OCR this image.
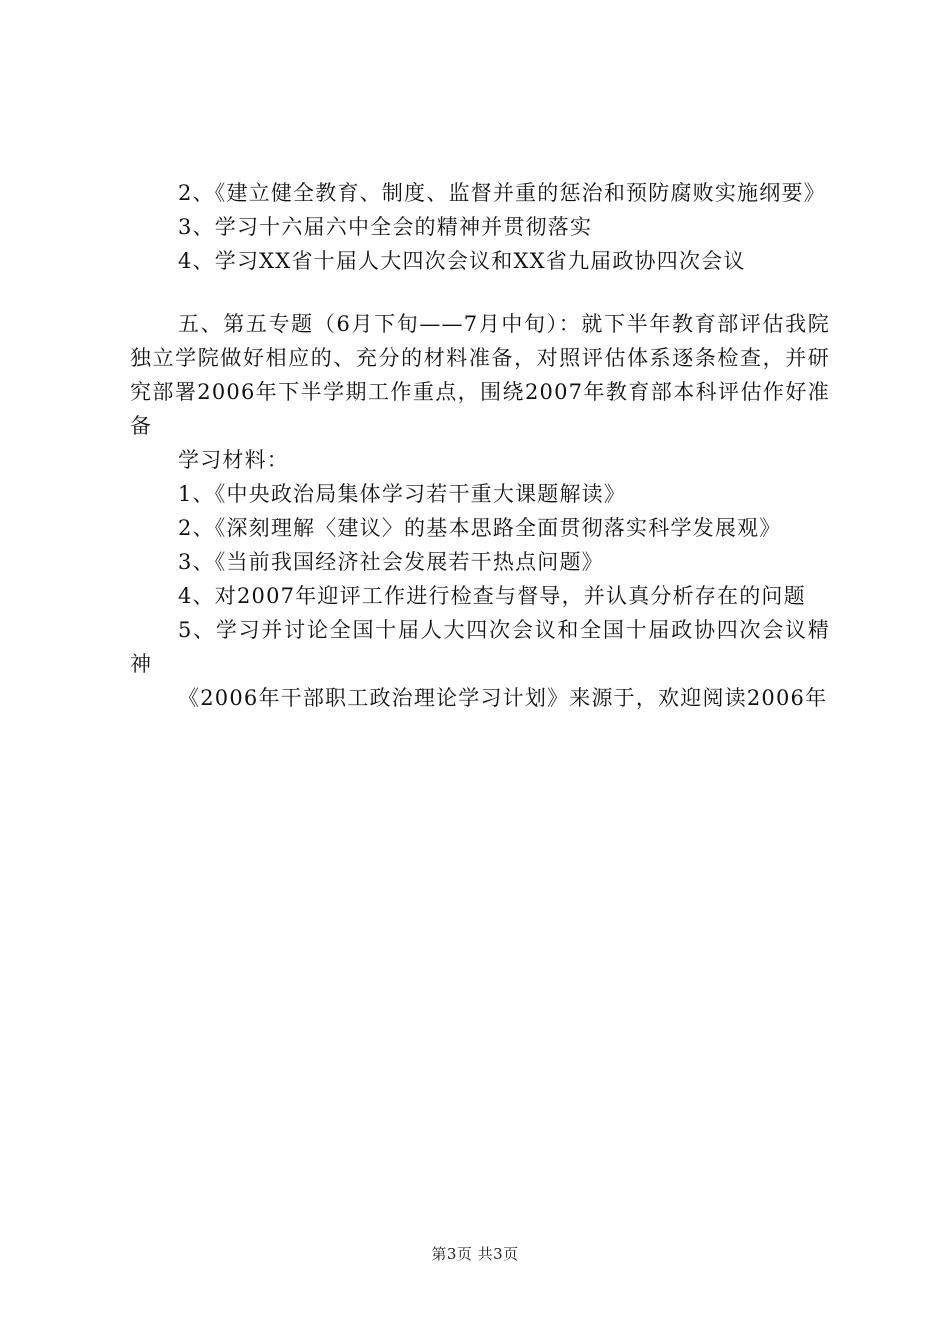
2、《建立健全教育、制度、监督并重的惩治和预防腐败实施纲要》

3、学习十六届六中全会的精神并贯彻落实

4、学习XX省十届人大四次会议和XX省九届政协四次会议

五、第五专题（6月下旬——7月中旬）：就下半年教育部评估我院独立学院做好相应的、充分的材料准备，对照评估体系逐条检查，并研究部署2006年下半学期工作重点，围绕2007年教育部本科评估作好准备

学习材料：

1、《中央政治局集体学习若干重大课题解读》

2、《深刻理解〈建议〉的基本思路全面贯彻落实科学发展观》

3、《当前我国经济社会发展若干热点问题》

4、对2007年迎评工作进行检查与督导，并认真分析存在的问题

5、学习并讨论全国十届人大四次会议和全国十届政协四次会议精神

《2006年干部职工政治理论学习计划》来源于，欢迎阅读2006年

第3页 共3页
